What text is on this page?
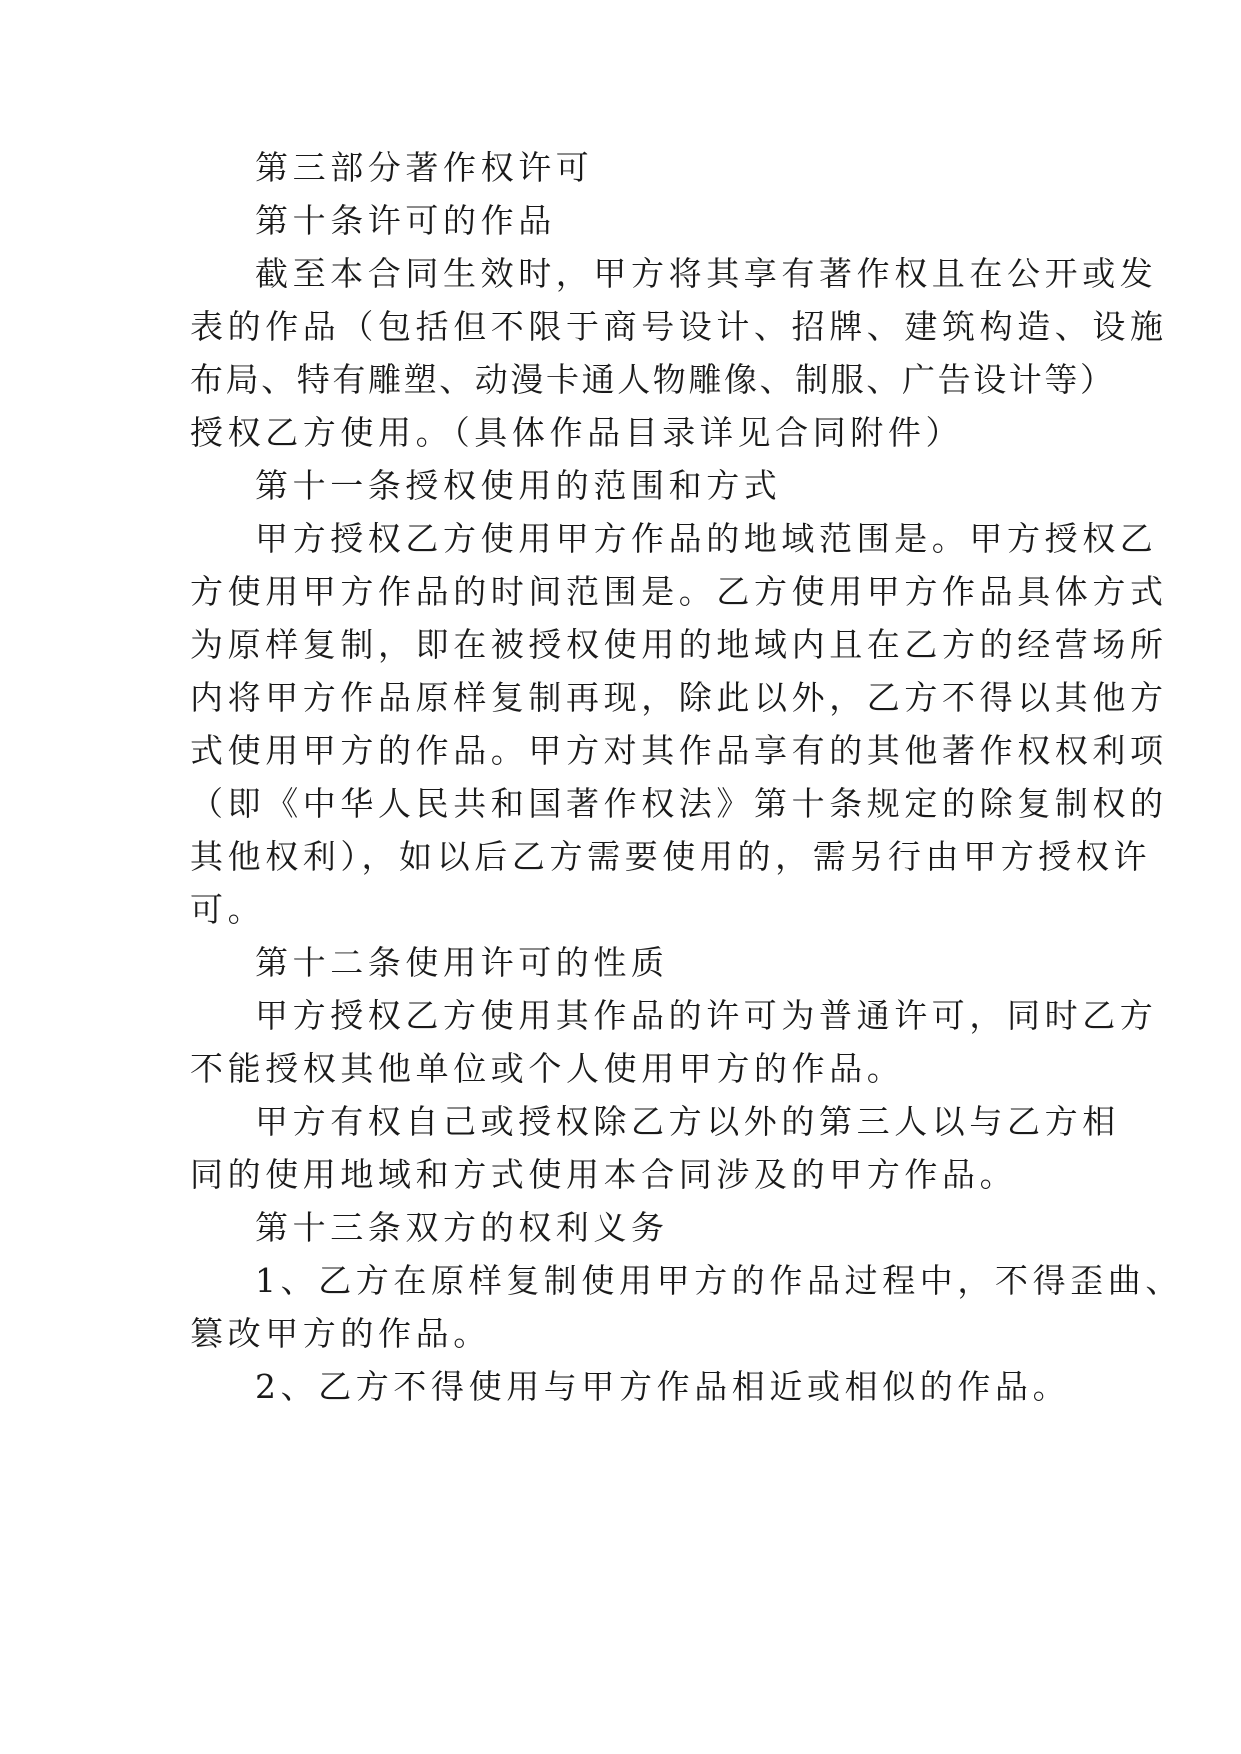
第三部分著作权许可
第十条许可的作品
截至本合同生效时，甲方将其享有著作权且在公开或发
表的作品（包括但不限于商号设计、招牌、建筑构造、设施
布局、特有雕塑、动漫卡通人物雕像、制服、广告设计等）
授权乙方使用。（具体作品目录详见合同附件）
第十一条授权使用的范围和方式
甲方授权乙方使用甲方作品的地域范围是。甲方授权乙
方使用甲方作品的时间范围是。乙方使用甲方作品具体方式
为原样复制，即在被授权使用的地域内且在乙方的经营场所
内将甲方作品原样复制再现，除此以外，乙方不得以其他方
式使用甲方的作品。甲方对其作品享有的其他著作权权利项
（即《中华人民共和国著作权法》第十条规定的除复制权的
其他权利），如以后乙方需要使用的，需另行由甲方授权许
可。
第十二条使用许可的性质
甲方授权乙方使用其作品的许可为普通许可，同时乙方
不能授权其他单位或个人使用甲方的作品。
甲方有权自己或授权除乙方以外的第三人以与乙方相
同的使用地域和方式使用本合同涉及的甲方作品。
第十三条双方的权利义务
1、乙方在原样复制使用甲方的作品过程中，不得歪曲、
篡改甲方的作品。
2、乙方不得使用与甲方作品相近或相似的作品。
